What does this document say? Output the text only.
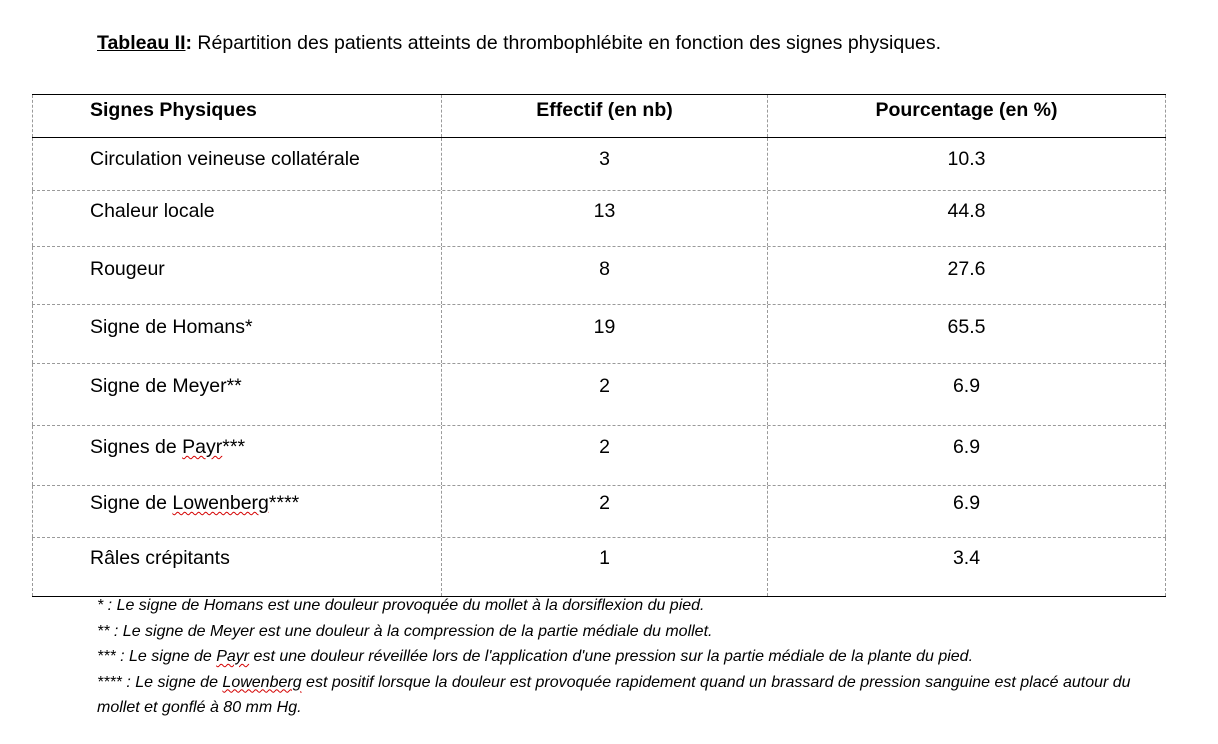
Tableau II: Répartition des patients atteints de thrombophlébite en fonction des signes physiques.
Signes Physiques	Effectif (en nb)	Pourcentage (en %)
Circulation veineuse collatérale	3	10.3
Chaleur locale	13	44.8
Rougeur	8	27.6
Signe de Homans*	19	65.5
Signe de Meyer**	2	6.9
Signes de Payr***	2	6.9
Signe de Lowenberg****	2	6.9
Râles crépitants	1	3.4

* : Le signe de Homans est une douleur provoquée du mollet à la dorsiflexion du pied.

** : Le signe de Meyer est une douleur à la compression de la partie médiale du mollet.

*** : Le signe de Payr est une douleur réveillée lors de l'application d'une pression sur la partie médiale de la plante du pied.

**** : Le signe de Lowenberg est positif lorsque la douleur est provoquée rapidement quand un brassard de pression sanguine est placé autour du mollet et gonflé à 80 mm Hg.
